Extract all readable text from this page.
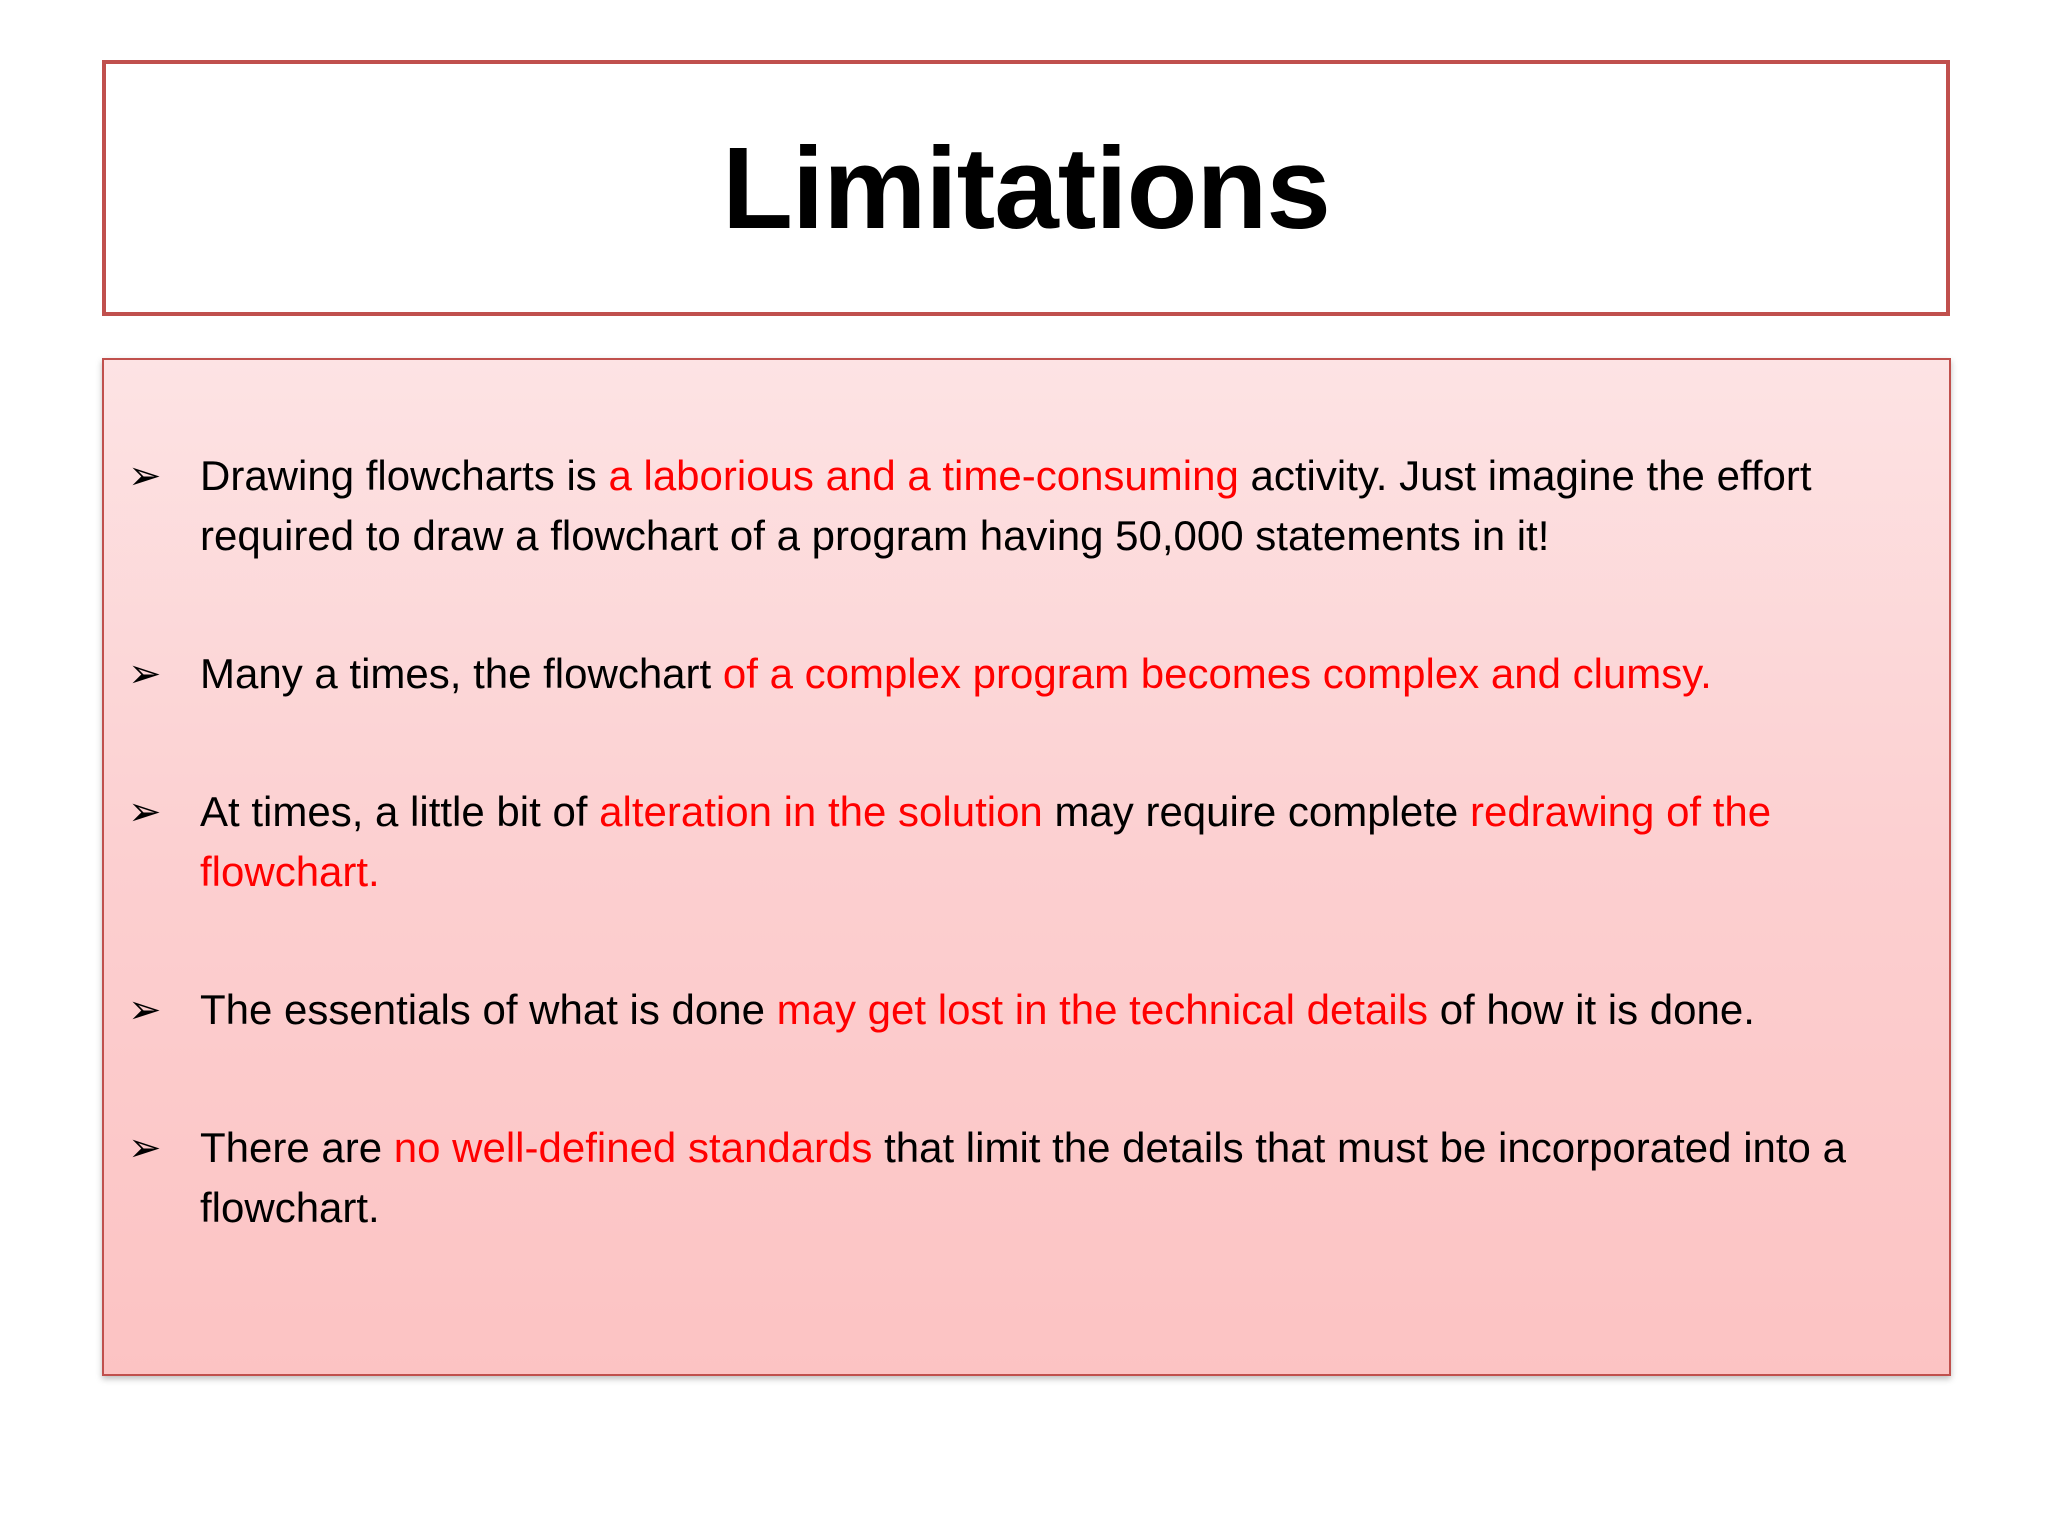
Limitations
➢ Drawing flowcharts is a laborious and a time-consuming activity. Just imagine the effort required to draw a flowchart of a program having 50,000 statements in it!
➢ Many a times, the flowchart of a complex program becomes complex and clumsy.
➢ At times, a little bit of alteration in the solution may require complete redrawing of the flowchart.
➢ The essentials of what is done may get lost in the technical details of how it is done.
➢ There are no well-defined standards that limit the details that must be incorporated into a flowchart.
